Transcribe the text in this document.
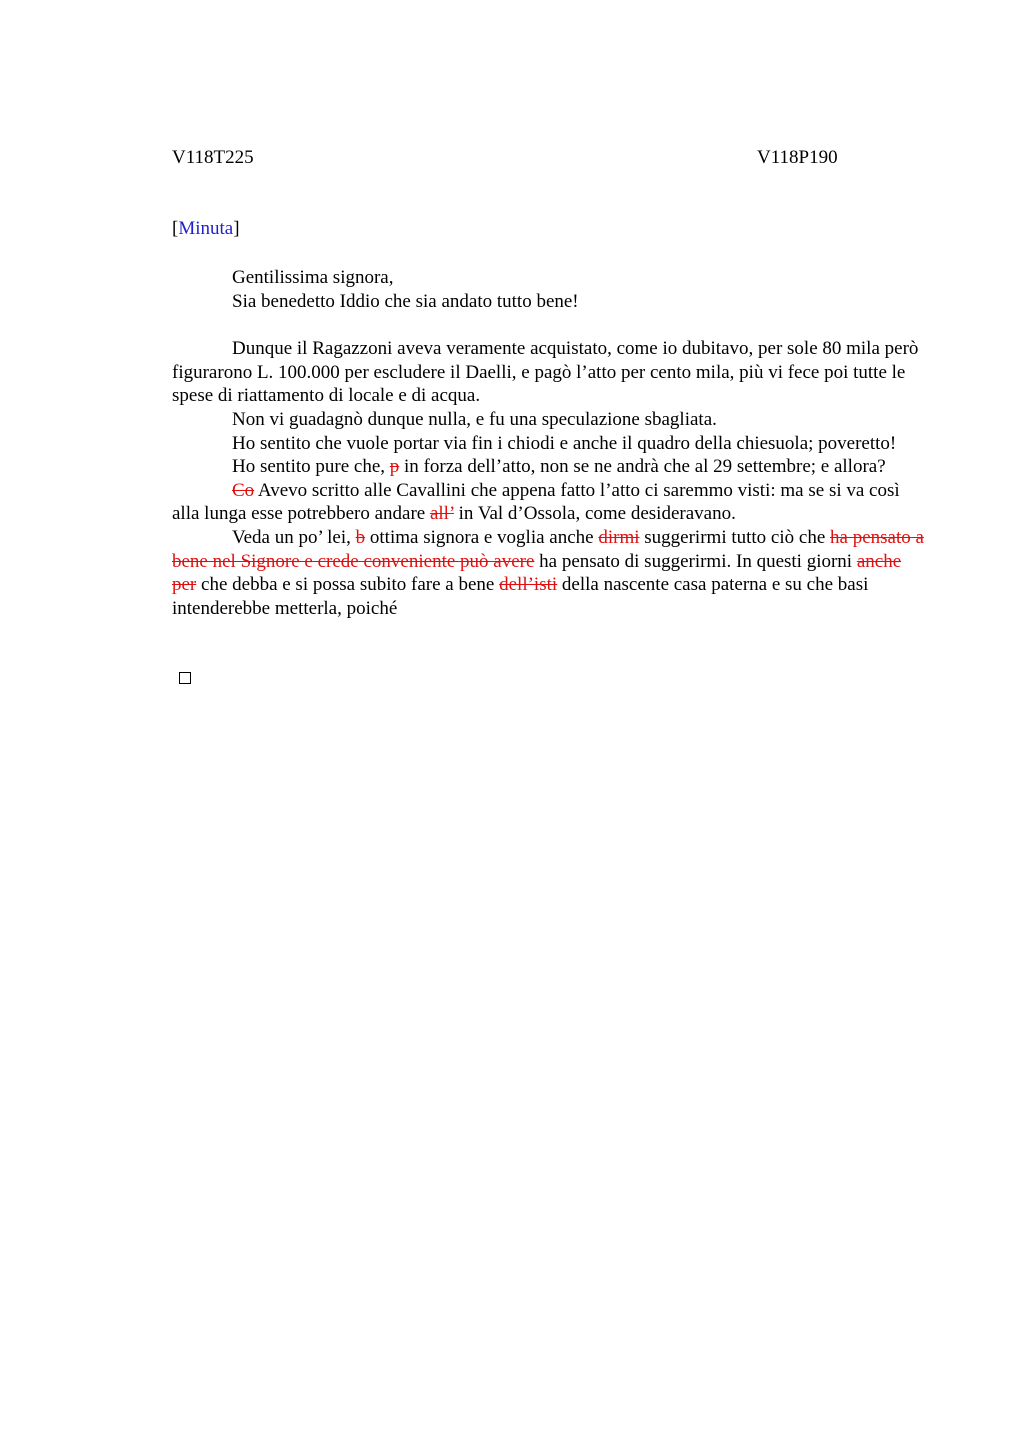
V118T225	V118P190
[Minuta]

Gentilissima signora,

Sia benedetto Iddio che sia andato tutto bene!

Dunque il Ragazzoni aveva veramente acquistato, come io dubitavo, per sole 80 mila però figurarono L. 100.000 per escludere il Daelli, e pagò l’atto per cento mila, più vi fece poi tutte le spese di riattamento di locale e di acqua.

Non vi guadagnò dunque nulla, e fu una speculazione sbagliata.

Ho sentito che vuole portar via fin i chiodi e anche il quadro della chiesuola; poveretto!

Ho sentito pure che, p in forza dell’atto, non se ne andrà che al 29 settembre; e allora?

Co Avevo scritto alle Cavallini che appena fatto l’atto ci saremmo visti: ma se si va così alla lunga esse potrebbero andare all’ in Val d’Ossola, come desideravano.

Veda un po’ lei, b ottima signora e voglia anche dirmi suggerirmi tutto ciò che ha pensato a bene nel Signore e crede conveniente può avere ha pensato di suggerirmi. In questi giorni anche per che debba e si possa subito fare a bene dell’isti della nascente casa paterna e su che basi intenderebbe metterla, poiché
